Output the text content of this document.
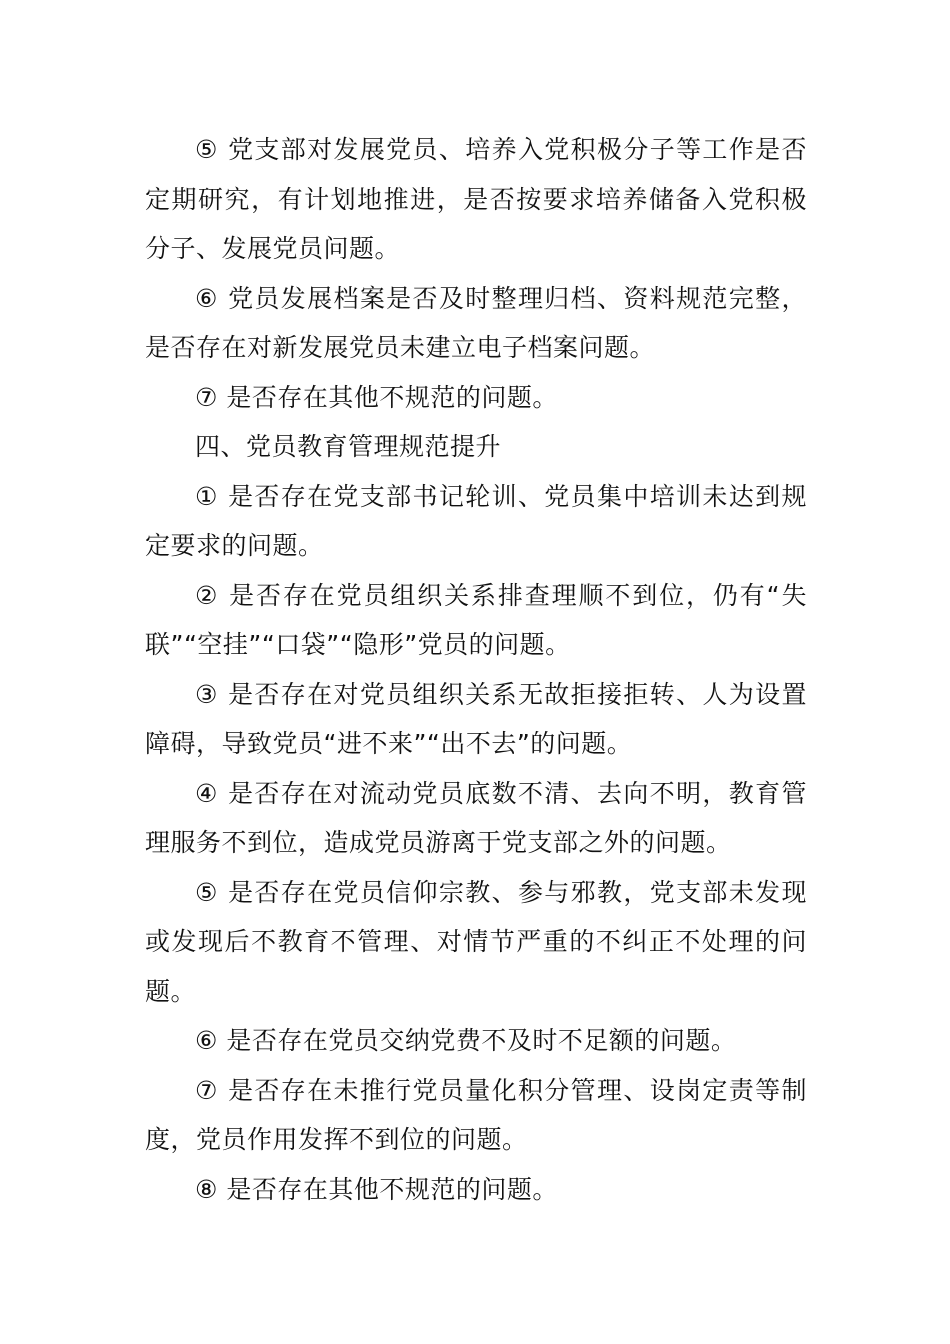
⑤ 党支部对发展党员、培养入党积极分子等工作是否定期研究，有计划地推进，是否按要求培养储备入党积极分子、发展党员问题。

⑥ 党员发展档案是否及时整理归档、资料规范完整，是否存在对新发展党员未建立电子档案问题。

⑦ 是否存在其他不规范的问题。

四、党员教育管理规范提升

① 是否存在党支部书记轮训、党员集中培训未达到规定要求的问题。

② 是否存在党员组织关系排查理顺不到位，仍有“失联”“空挂”“口袋”“隐形”党员的问题。

③ 是否存在对党员组织关系无故拒接拒转、人为设置障碍，导致党员“进不来”“出不去”的问题。

④ 是否存在对流动党员底数不清、去向不明，教育管理服务不到位，造成党员游离于党支部之外的问题。

⑤ 是否存在党员信仰宗教、参与邪教，党支部未发现或发现后不教育不管理、对情节严重的不纠正不处理的问题。

⑥ 是否存在党员交纳党费不及时不足额的问题。

⑦ 是否存在未推行党员量化积分管理、设岗定责等制度，党员作用发挥不到位的问题。

⑧ 是否存在其他不规范的问题。
